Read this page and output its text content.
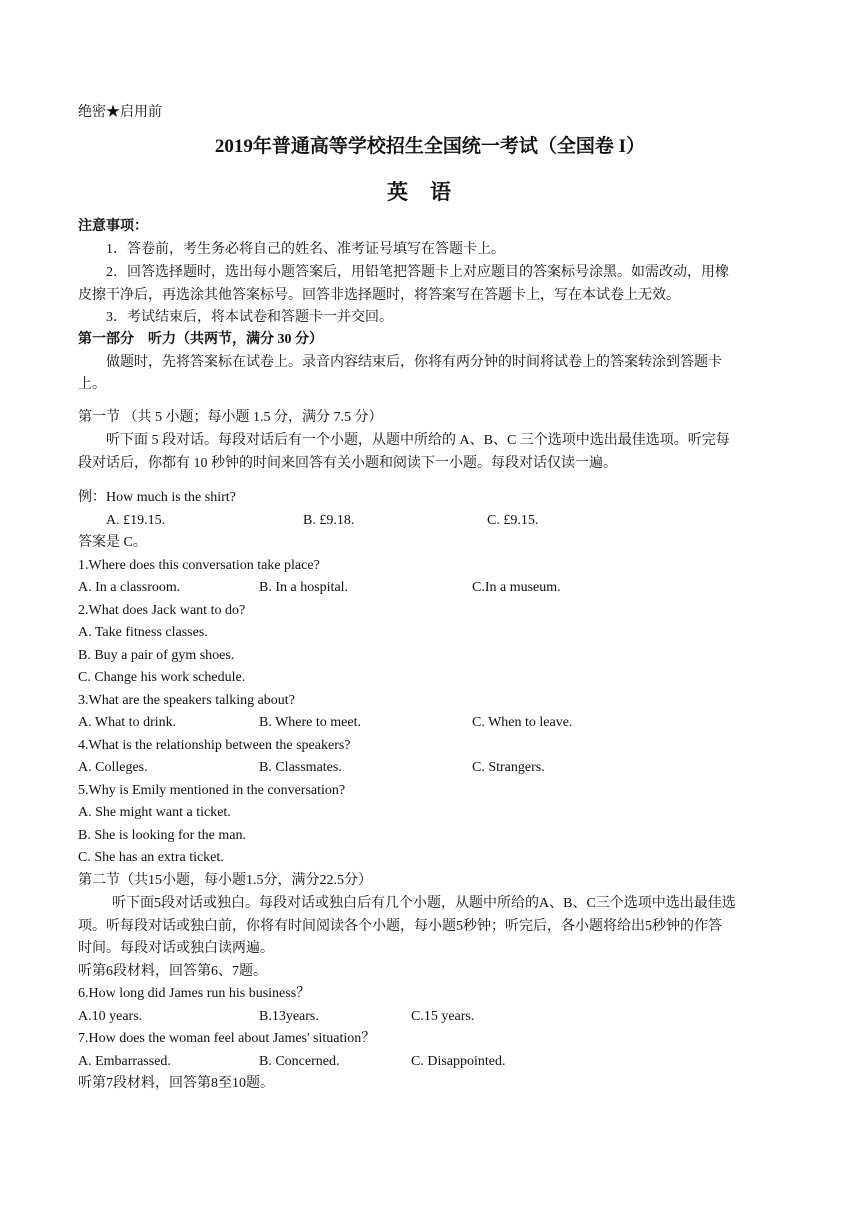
绝密★启用前
2019年普通高等学校招生全国统一考试（全国卷 I）
英语
注意事项：
1．答卷前，考生务必将自己的姓名、准考证号填写在答题卡上。
2．回答选择题时，选出每小题答案后，用铅笔把答题卡上对应题目的答案标号涂黑。如需改动，用橡
皮擦干净后，再选涂其他答案标号。回答非选择题时，将答案写在答题卡上，写在本试卷上无效。
3．考试结束后，将本试卷和答题卡一并交回。
第一部分　听力（共两节，满分 30 分）
做题时，先将答案标在试卷上。录音内容结束后，你将有两分钟的时间将试卷上的答案转涂到答题卡
上。
第一节 （共 5 小题；每小题 1.5 分，满分 7.5 分）
听下面 5 段对话。每段对话后有一个小题，从题中所给的 A、B、C 三个选项中选出最佳选项。听完每
段对话后，你都有 10 秒钟的时间来回答有关小题和阅读下一小题。每段对话仅读一遍。
例：How much is the shirt?
A. £19.15.	B. £9.18.	C. £9.15.
答案是 C。
1.Where does this conversation take place?
A. In a classroom.	B. In a hospital.	C.In a museum.
2.What does Jack want to do?
A. Take fitness classes.
B. Buy a pair of gym shoes.
C. Change his work schedule.
3.What are the speakers talking about?
A. What to drink.	B. Where to meet.	C. When to leave.
4.What is the relationship between the speakers?
A. Colleges.	B. Classmates.	C. Strangers.
5.Why is Emily mentioned in the conversation?
A. She might want a ticket.
B. She is looking for the man.
C. She has an extra ticket.
第二节（共15小题，每小题1.5分，满分22.5分）
听下面5段对话或独白。每段对话或独白后有几个小题，从题中所给的A、B、C三个选项中选出最佳选
项。听每段对话或独白前，你将有时间阅读各个小题，每小题5秒钟；听完后，各小题将给出5秒钟的作答
时间。每段对话或独白读两遍。
听第6段材料，回答第6、7题。
6.How long did James run his business？
A.10 years.	B.13years.	C.15 years.
7.How does the woman feel about James' situation？
A. Embarrassed.	B. Concerned.	C. Disappointed.
听第7段材料，回答第8至10题。
